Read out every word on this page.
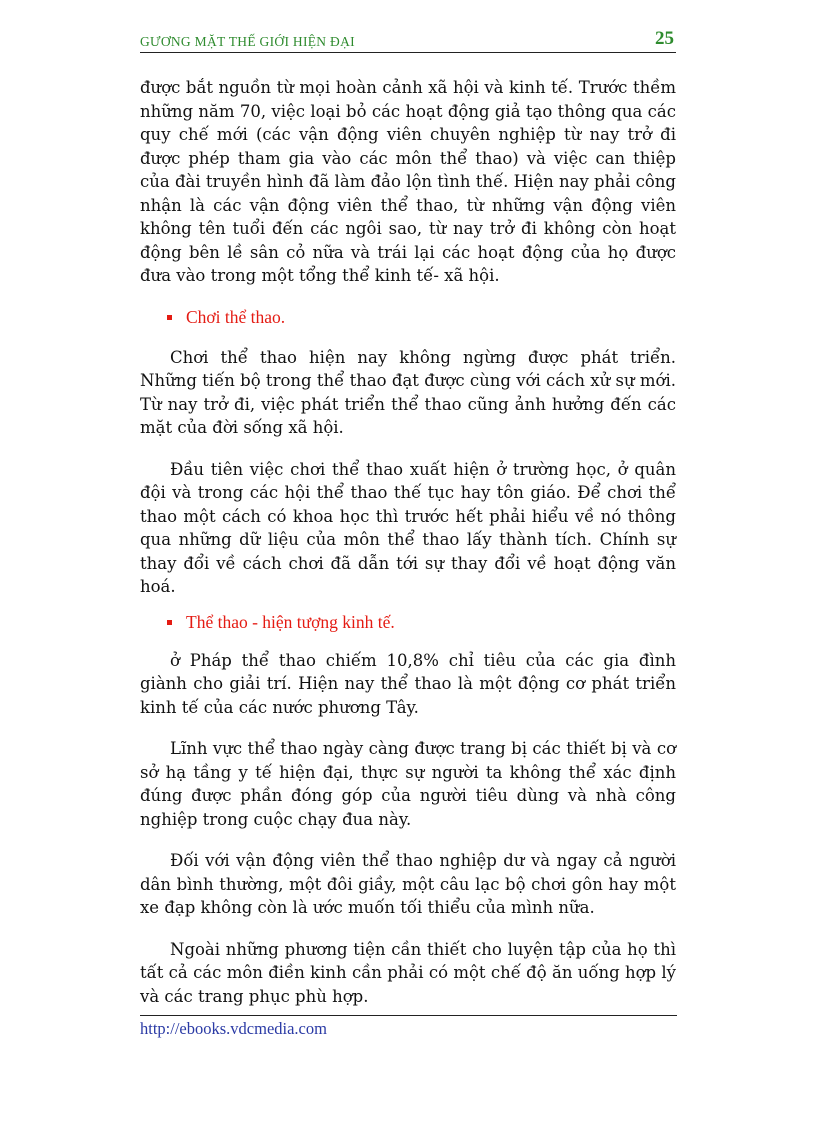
GƯƠNG MẶT THẾ GIỚI HIỆN ĐẠI	25

được bắt nguồn từ mọi hoàn cảnh xã hội và kinh tế. Trước thềm những năm 70, việc loại bỏ các hoạt động giả tạo thông qua các quy chế mới (các vận động viên chuyên nghiệp từ nay trở đi được phép tham gia vào các môn thể thao) và việc can thiệp của đài truyền hình đã làm đảo lộn tình thế. Hiện nay phải công nhận là các vận động viên thể thao, từ những vận động viên không tên tuổi đến các ngôi sao, từ nay trở đi không còn hoạt động bên lề sân cỏ nữa và trái lại các hoạt động của họ được đưa vào trong một tổng thể kinh tế- xã hội.

Chơi thể thao.

Chơi thể thao hiện nay không ngừng được phát triển. Những tiến bộ trong thể thao đạt được cùng với cách xử sự mới. Từ nay trở đi, việc phát triển thể thao cũng ảnh hưởng đến các mặt của đời sống xã hội.

Đầu tiên việc chơi thể thao xuất hiện ở trường học, ở quân đội và trong các hội thể thao thế tục hay tôn giáo. Để chơi thể thao một cách có khoa học thì trước hết phải hiểu về nó thông qua những dữ liệu của môn thể thao lấy thành tích. Chính sự thay đổi về cách chơi đã dẫn tới sự thay đổi về hoạt động văn hoá.

Thể thao - hiện tượng kinh tế.

ở Pháp thể thao chiếm 10,8% chỉ tiêu của các gia đình giành cho giải trí. Hiện nay thể thao là một động cơ phát triển kinh tế của các nước phương Tây.

Lĩnh vực thể thao ngày càng được trang bị các thiết bị và cơ sở hạ tầng y tế hiện đại, thực sự người ta không thể xác định đúng được phần đóng góp của người tiêu dùng và nhà công nghiệp trong cuộc chạy đua này.

Đối với vận động viên thể thao nghiệp dư và ngay cả người dân bình thường, một đôi giầy, một câu lạc bộ chơi gôn hay một xe đạp không còn là ước muốn tối thiểu của mình nữa.

Ngoài những phương tiện cần thiết cho luyện tập của họ thì tất cả các môn điền kinh cần phải có một chế độ ăn uống hợp lý và các trang phục phù hợp.

http://ebooks.vdcmedia.com
